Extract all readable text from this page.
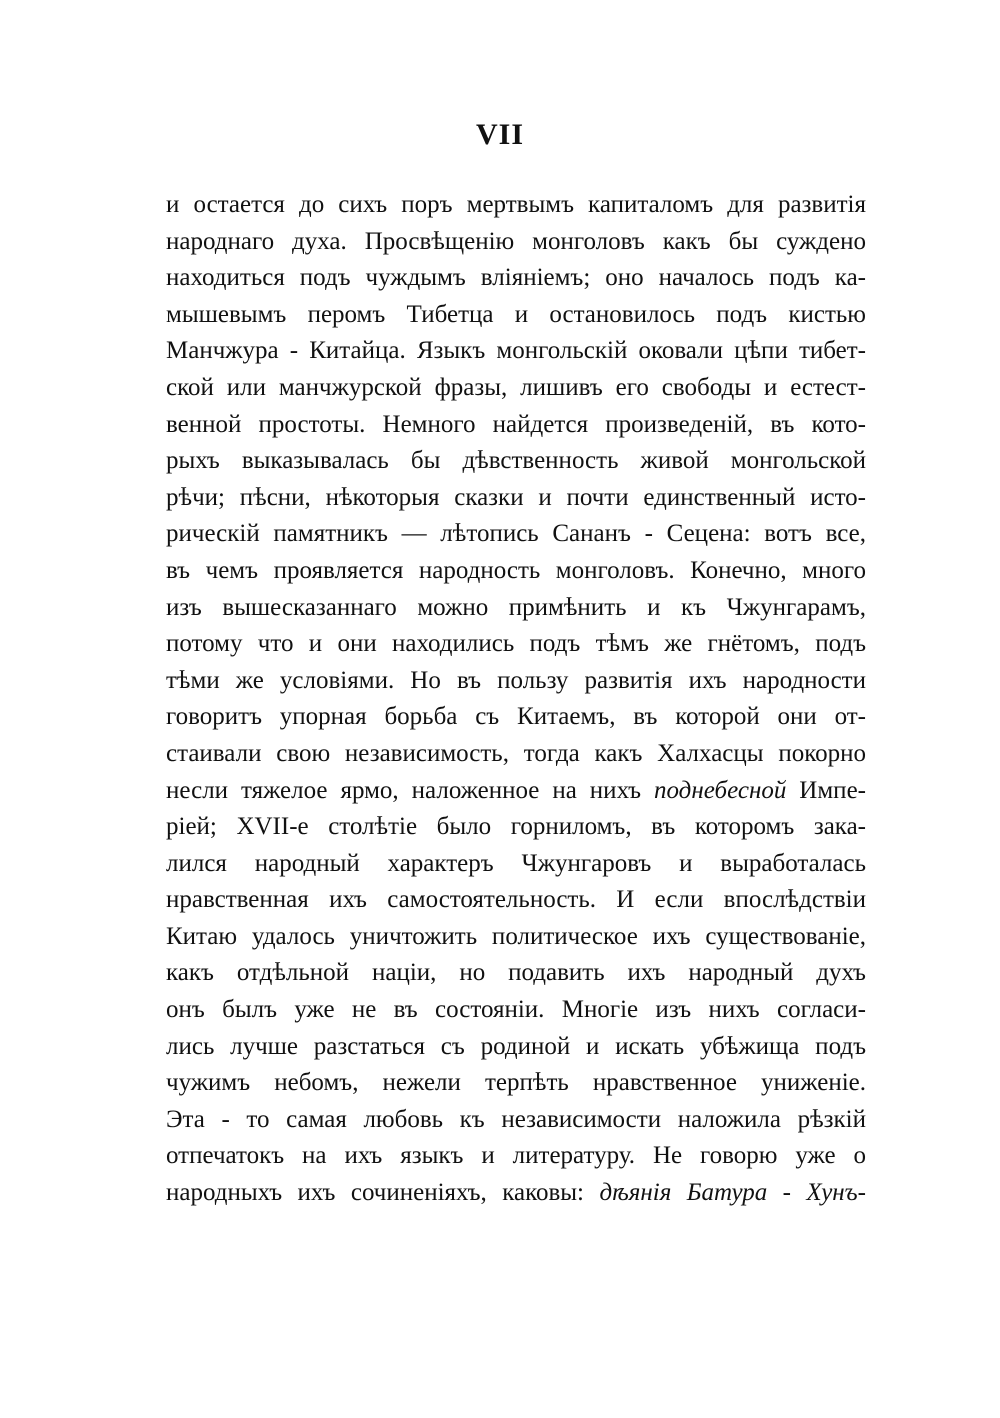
VII
и остается до сихъ поръ мертвымъ капиталомъ для развитія
народнаго духа. Просвѣщенію монголовъ какъ бы суждено
находиться подъ чуждымъ вліяніемъ; оно началось подъ ка-
мышевымъ перомъ Тибетца и остановилось подъ кистью
Манчжура - Китайца. Языкъ монгольскій оковали цѣпи тибет-
ской или манчжурской фразы, лишивъ его свободы и естест-
венной простоты. Немного найдется произведеній, въ кото-
рыхъ выказывалась бы дѣвственность живой монгольской
рѣчи; пѣсни, нѣкоторыя сказки и почти единственный исто-
рическій памятникъ — лѣтопись Сананъ - Сецена: вотъ все,
въ чемъ проявляется народность монголовъ. Конечно, много
изъ вышесказаннаго можно примѣнить и къ Чжунгарамъ,
потому что и они находились подъ тѣмъ же гнётомъ, подъ
тѣми же условіями. Но въ пользу развитія ихъ народности
говоритъ упорная борьба съ Китаемъ, въ которой они от-
стаивали свою независимость, тогда какъ Халхасцы покорно
несли тяжелое ярмо, наложенное на нихъ поднебесной Импе-
ріей; XVII-е столѣтіе было горниломъ, въ которомъ зака-
лился народный характеръ Чжунгаровъ и выработалась
нравственная ихъ самостоятельность. И если впослѣдствіи
Китаю удалось уничтожить политическое ихъ существованіе,
какъ отдѣльной націи, но подавить ихъ народный духъ
онъ былъ уже не въ состояніи. Многіе изъ нихъ согласи-
лись лучше разстаться съ родиной и искать убѣжища подъ
чужимъ небомъ, нежели терпѣть нравственное униженіе.
Эта - то самая любовь къ независимости наложила рѣзкій
отпечатокъ на ихъ языкъ и литературу. Не говорю уже о
народныхъ ихъ сочиненіяхъ, каковы: дѣянія Батура - Хунъ-
